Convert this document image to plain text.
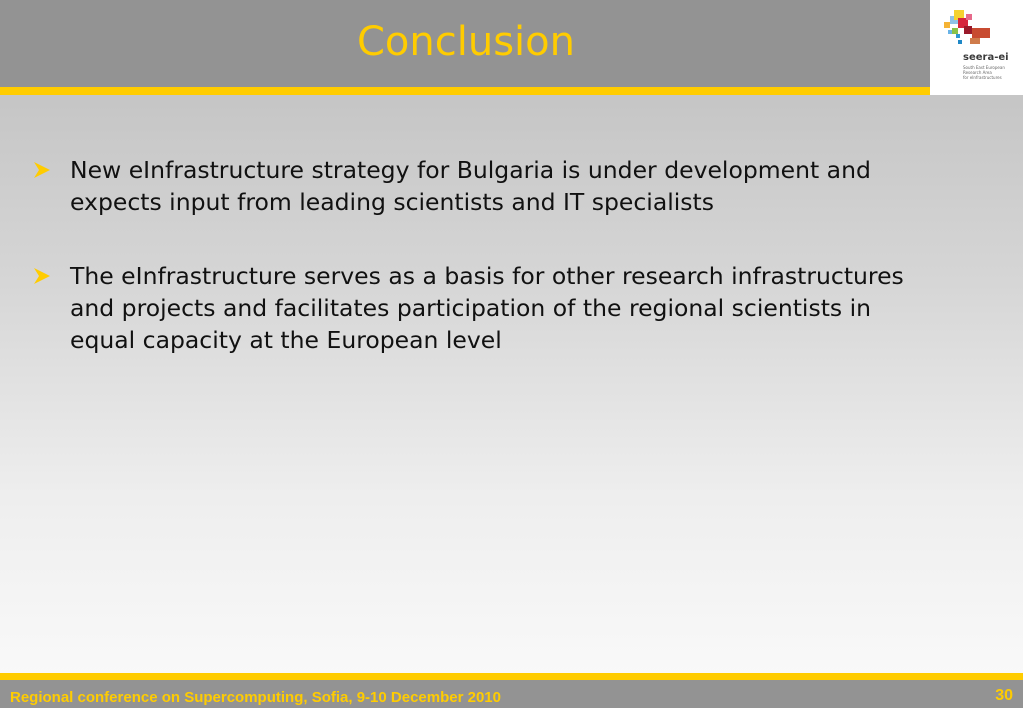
Conclusion	seera-ei
South East European
Research Area
for eInfrastructures
New eInfrastructure strategy for Bulgaria is under development and expects input from leading scientists and IT specialists
The eInfrastructure serves as a basis for other research infrastructures and projects and facilitates participation of the regional scientists in equal capacity at the European level
Regional conference on Supercomputing, Sofia, 9-10 December 2010	30
